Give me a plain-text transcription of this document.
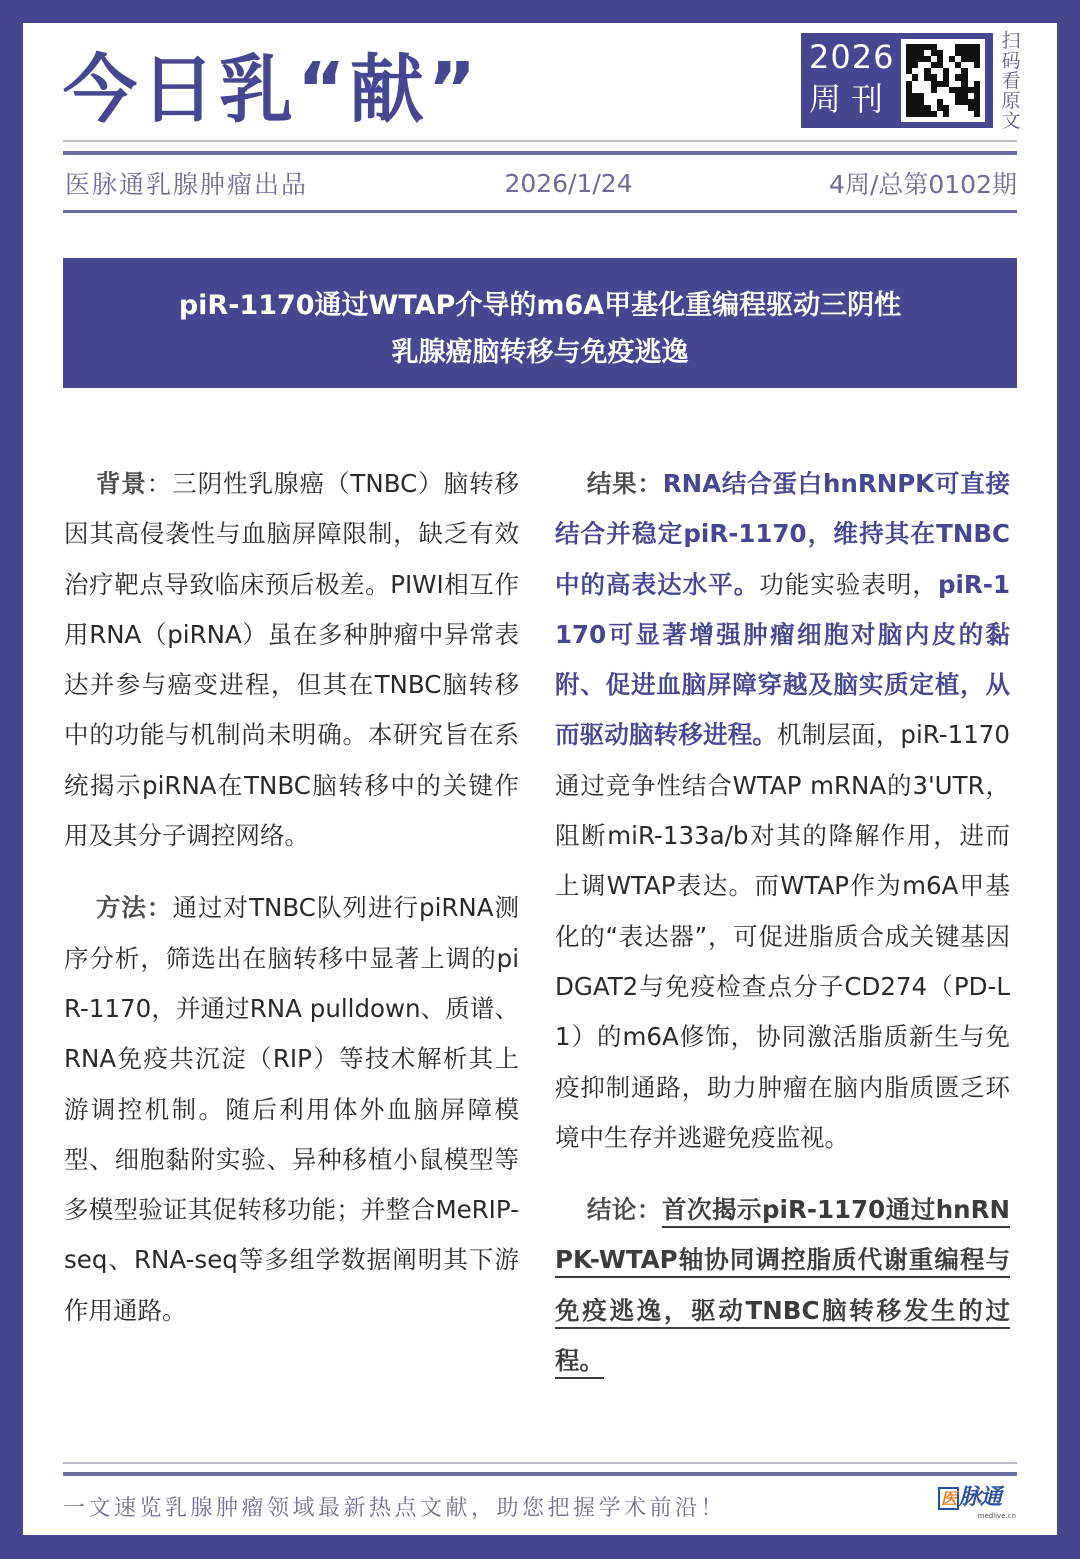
今日乳“献”	2026
周刊
扫码看原文
医脉通乳腺肿瘤出品	2026/1/24	4周/总第0102期
piR-1170通过WTAP介导的m6A甲基化重编程驱动三阴性
乳腺癌脑转移与免疫逃逸

背景：三阴性乳腺癌（TNBC）脑转移因其高侵袭性与血脑屏障限制，缺乏有效治疗靶点导致临床预后极差。PIWI相互作用RNA（piRNA）虽在多种肿瘤中异常表达并参与癌变进程，但其在TNBC脑转移中的功能与机制尚未明确。本研究旨在系统揭示piRNA在TNBC脑转移中的关键作用及其分子调控网络。

方法：通过对TNBC队列进行piRNA测序分析，筛选出在脑转移中显著上调的piR-1170，并通过RNA pulldown、质谱、RNA免疫共沉淀（RIP）等技术解析其上游调控机制。随后利用体外血脑屏障模型、细胞黏附实验、异种移植小鼠模型等多模型验证其促转移功能；并整合MeRIP-seq、RNA-seq等多组学数据阐明其下游作用通路。

结果：RNA结合蛋白hnRNPK可直接结合并稳定piR-1170，维持其在TNBC中的高表达水平。功能实验表明，piR-1170可显著增强肿瘤细胞对脑内皮的黏附、促进血脑屏障穿越及脑实质定植，从而驱动脑转移进程。机制层面，piR-1170通过竞争性结合WTAP mRNA的3'UTR，阻断miR-133a/b对其的降解作用，进而上调WTAP表达。而WTAP作为m6A甲基化的“表达器”，可促进脂质合成关键基因DGAT2与免疫检查点分子CD274（PD-L1）的m6A修饰，协同激活脂质新生与免疫抑制通路，助力肿瘤在脑内脂质匮乏环境中生存并逃避免疫监视。

结论：首次揭示piR-1170通过hnRNPK-WTAP轴协同调控脂质代谢重编程与免疫逃逸，驱动TNBC脑转移发生的过程。

一文速览乳腺肿瘤领域最新热点文献，助您把握学术前沿！	医 脉通
medlive.cn
